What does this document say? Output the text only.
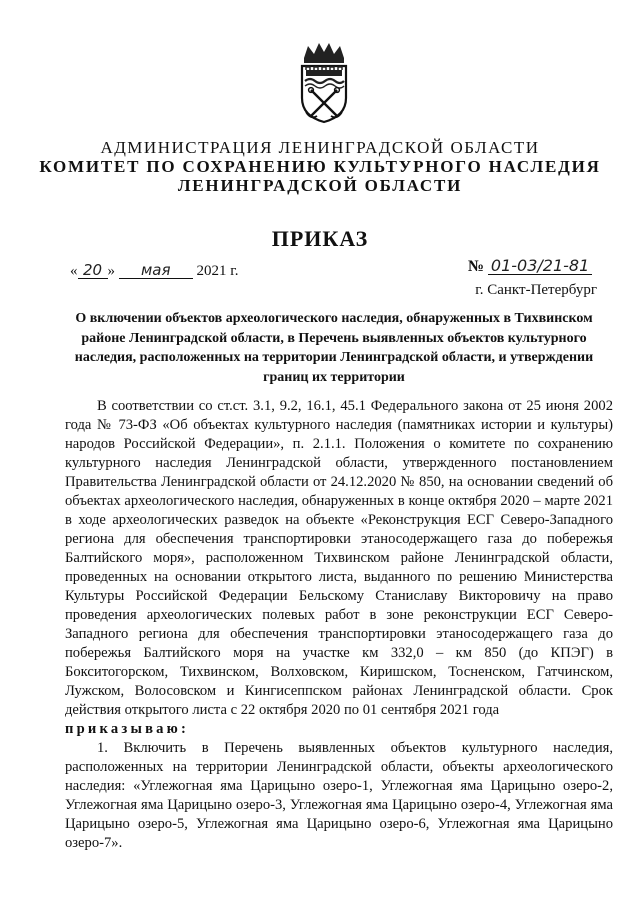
АДМИНИСТРАЦИЯ ЛЕНИНГРАДСКОЙ ОБЛАСТИ
КОМИТЕТ ПО СОХРАНЕНИЮ КУЛЬТУРНОГО НАСЛЕДИЯ
ЛЕНИНГРАДСКОЙ ОБЛАСТИ
ПРИКАЗ
« 20 » мая 2021 г.	№ 01-03/21-81
г. Санкт-Петербург
О включении объектов археологического наследия, обнаруженных в Тихвинском районе Ленинградской области, в Перечень выявленных объектов культурного наследия, расположенных на территории Ленинградской области, и утверждении границ их территории

В соответствии со ст.ст. 3.1, 9.2, 16.1, 45.1 Федерального закона от 25 июня 2002 года № 73-ФЗ «Об объектах культурного наследия (памятниках истории и культуры) народов Российской Федерации», п. 2.1.1. Положения о комитете по сохранению культурного наследия Ленинградской области, утвержденного постановлением Правительства Ленинградской области от 24.12.2020 № 850, на основании сведений об объектах археологического наследия, обнаруженных в конце октября 2020 – марте 2021 в ходе археологических разведок на объекте «Реконструкция ЕСГ Северо-Западного региона для обеспечения транспортировки этаносодержащего газа до побережья Балтийского моря», расположенном Тихвинском районе Ленинградской области, проведенных на основании открытого листа, выданного по решению Министерства Культуры Российской Федерации Бельскому Станиславу Викторовичу на право проведения археологических полевых работ в зоне реконструкции ЕСГ Северо-Западного региона для обеспечения транспортировки этаносодержащего газа до побережья Балтийского моря на участке км 332,0 – км 850 (до КПЭГ) в Бокситогорском, Тихвинском, Волховском, Киришском, Тосненском, Гатчинском, Лужском, Волосовском и Кингисеппском районах Ленинградской области. Срок действия открытого листа с 22 октября 2020 по 01 сентября 2021 года

приказываю:

1. Включить в Перечень выявленных объектов культурного наследия, расположенных на территории Ленинградской области, объекты археологического наследия: «Углежогная яма Царицыно озеро-1, Углежогная яма Царицыно озеро-2, Углежогная яма Царицыно озеро-3, Углежогная яма Царицыно озеро-4, Углежогная яма Царицыно озеро-5, Углежогная яма Царицыно озеро-6, Углежогная яма Царицыно озеро-7».
